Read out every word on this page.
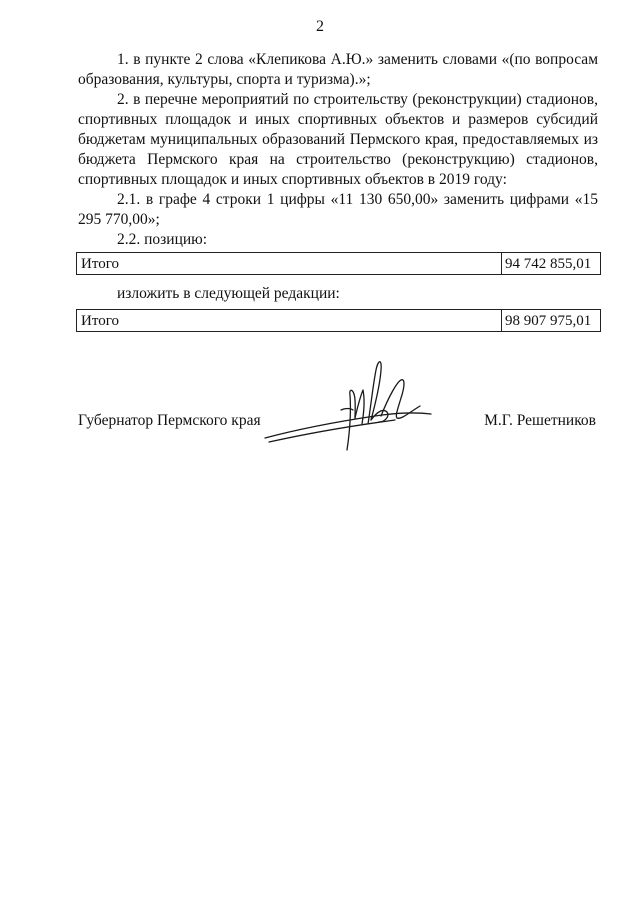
2

1. в пункте 2 слова «Клепикова А.Ю.» заменить словами «(по вопросам образования, культуры, спорта и туризма).»;

2. в перечне мероприятий по строительству (реконструкции) стадионов, спортивных площадок и иных спортивных объектов и размеров субсидий бюджетам муниципальных образований Пермского края, предоставляемых из бюджета Пермского края на строительство (реконструкцию) стадионов, спортивных площадок и иных спортивных объектов в 2019 году:

2.1. в графе 4 строки 1 цифры «11 130 650,00» заменить цифрами «15 295 770,00»;

2.2. позицию:

Итого	94 742 855,01
изложить в следующей редакции:
Итого	98 907 975,01
Губернатор Пермского края	М.Г. Решетников
